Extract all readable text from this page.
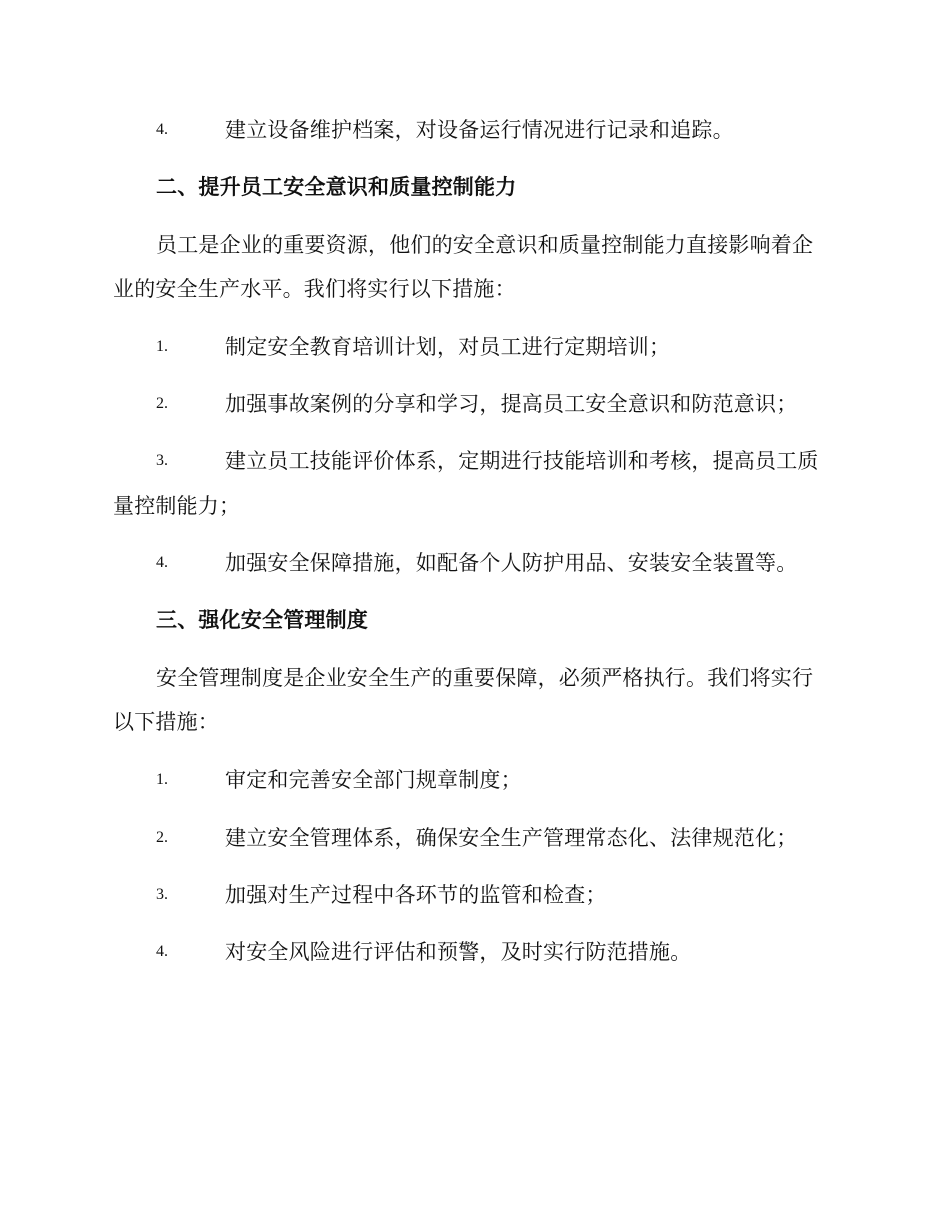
4.	建立设备维护档案，对设备运行情况进行记录和追踪。
二、提升员工安全意识和质量控制能力
员工是企业的重要资源，他们的安全意识和质量控制能力直接影响着企
业的安全生产水平。我们将实行以下措施：
1.	制定安全教育培训计划，对员工进行定期培训；
2.	加强事故案例的分享和学习，提高员工安全意识和防范意识；
3.	建立员工技能评价体系，定期进行技能培训和考核，提高员工质
量控制能力；
4.	加强安全保障措施，如配备个人防护用品、安装安全装置等。
三、强化安全管理制度
安全管理制度是企业安全生产的重要保障，必须严格执行。我们将实行
以下措施：
1.	审定和完善安全部门规章制度；
2.	建立安全管理体系，确保安全生产管理常态化、法律规范化；
3.	加强对生产过程中各环节的监管和检查；
4.	对安全风险进行评估和预警，及时实行防范措施。
